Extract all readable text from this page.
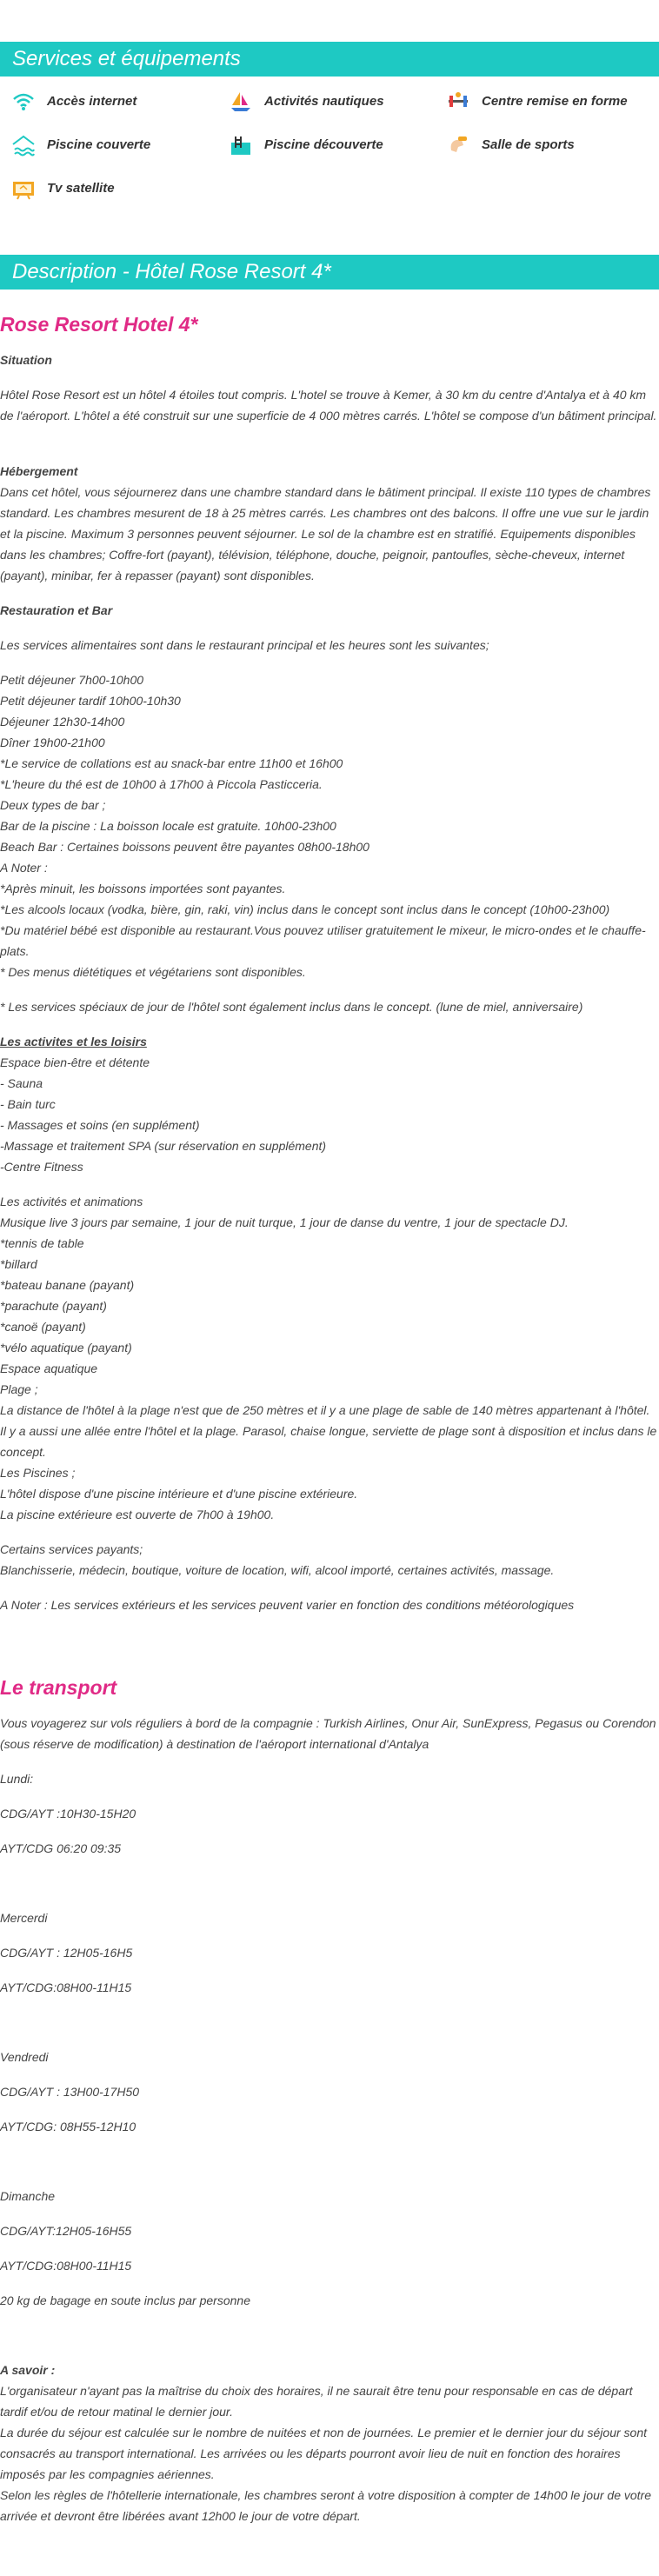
Services et équipements
Accès internet	Activités nautiques	Centre remise en forme
Piscine couverte	Piscine découverte	Salle de sports
Tv satellite
Description - Hôtel Rose Resort 4*
Rose Resort Hotel 4*
Situation

Hôtel Rose Resort est un hôtel 4 étoiles tout compris. L'hotel se trouve à Kemer, à 30 km du centre d'Antalya et à 40 km de l'aéroport. L'hôtel a été construit sur une superficie de 4 000 mètres carrés. L'hôtel se compose d'un bâtiment principal.

Hébergement

Dans cet hôtel, vous séjournerez dans une chambre standard dans le bâtiment principal. Il existe 110 types de chambres standard. Les chambres mesurent de 18 à 25 mètres carrés. Les chambres ont des balcons. Il offre une vue sur le jardin et la piscine. Maximum 3 personnes peuvent séjourner. Le sol de la chambre est en stratifié. Equipements disponibles dans les chambres; Coffre-fort (payant), télévision, téléphone, douche, peignoir, pantoufles, sèche-cheveux, internet (payant), minibar, fer à repasser (payant) sont disponibles.

Restauration et Bar

Les services alimentaires sont dans le restaurant principal et les heures sont les suivantes;

Petit déjeuner 7h00-10h00

Petit déjeuner tardif 10h00-10h30

Déjeuner 12h30-14h00

Dîner 19h00-21h00

*Le service de collations est au snack-bar entre 11h00 et 16h00

*L'heure du thé est de 10h00 à 17h00 à Piccola Pasticceria.

Deux types de bar ;

Bar de la piscine : La boisson locale est gratuite. 10h00-23h00

Beach Bar : Certaines boissons peuvent être payantes 08h00-18h00

A Noter :

*Après minuit, les boissons importées sont payantes.

*Les alcools locaux (vodka, bière, gin, raki, vin) inclus dans le concept sont inclus dans le concept (10h00-23h00)

*Du matériel bébé est disponible au restaurant.Vous pouvez utiliser gratuitement le mixeur, le micro-ondes et le chauffe-plats.

* Des menus diététiques et végétariens sont disponibles.

* Les services spéciaux de jour de l'hôtel sont également inclus dans le concept. (lune de miel, anniversaire)

Les activites et les loisirs

Espace bien-être et détente

- Sauna

- Bain turc

- Massages et soins (en supplément)

-Massage et traitement SPA (sur réservation en supplément)

-Centre Fitness

Les activités et animations

Musique live 3 jours par semaine, 1 jour de nuit turque, 1 jour de danse du ventre, 1 jour de spectacle DJ.

*tennis de table

*billard

*bateau banane (payant)

*parachute (payant)

*canoë (payant)

*vélo aquatique (payant)

Espace aquatique

Plage ;

La distance de l'hôtel à la plage n'est que de 250 mètres et il y a une plage de sable de 140 mètres appartenant à l'hôtel. Il y a aussi une allée entre l'hôtel et la plage. Parasol, chaise longue, serviette de plage sont à disposition et inclus dans le concept.

Les Piscines ;

L'hôtel dispose d'une piscine intérieure et d'une piscine extérieure.

La piscine extérieure est ouverte de 7h00 à 19h00.

Certains services payants;

Blanchisserie, médecin, boutique, voiture de location, wifi, alcool importé, certaines activités, massage.

A Noter : Les services extérieurs et les services peuvent varier en fonction des conditions météorologiques

Le transport

Vous voyagerez sur vols réguliers à bord de la compagnie : Turkish Airlines, Onur Air, SunExpress, Pegasus ou Corendon (sous réserve de modification) à destination de l'aéroport international d'Antalya

Lundi:
CDG/AYT :10H30-15H20
AYT/CDG 06:20 09:35
Mercerdi
CDG/AYT : 12H05-16H5
AYT/CDG:08H00-11H15
Vendredi
CDG/AYT : 13H00-17H50
AYT/CDG: 08H55-12H10
Dimanche
CDG/AYT:12H05-16H55
AYT/CDG:08H00-11H15
20 kg de bagage en soute inclus par personne
A savoir :

L'organisateur n'ayant pas la maîtrise du choix des horaires, il ne saurait être tenu pour responsable en cas de départ tardif et/ou de retour matinal le dernier jour.

La durée du séjour est calculée sur le nombre de nuitées et non de journées. Le premier et le dernier jour du séjour sont consacrés au transport international. Les arrivées ou les départs pourront avoir lieu de nuit en fonction des horaires imposés par les compagnies aériennes.

Selon les règles de l'hôtellerie internationale, les chambres seront à votre disposition à compter de 14h00 le jour de votre arrivée et devront être libérées avant 12h00 le jour de votre départ.
